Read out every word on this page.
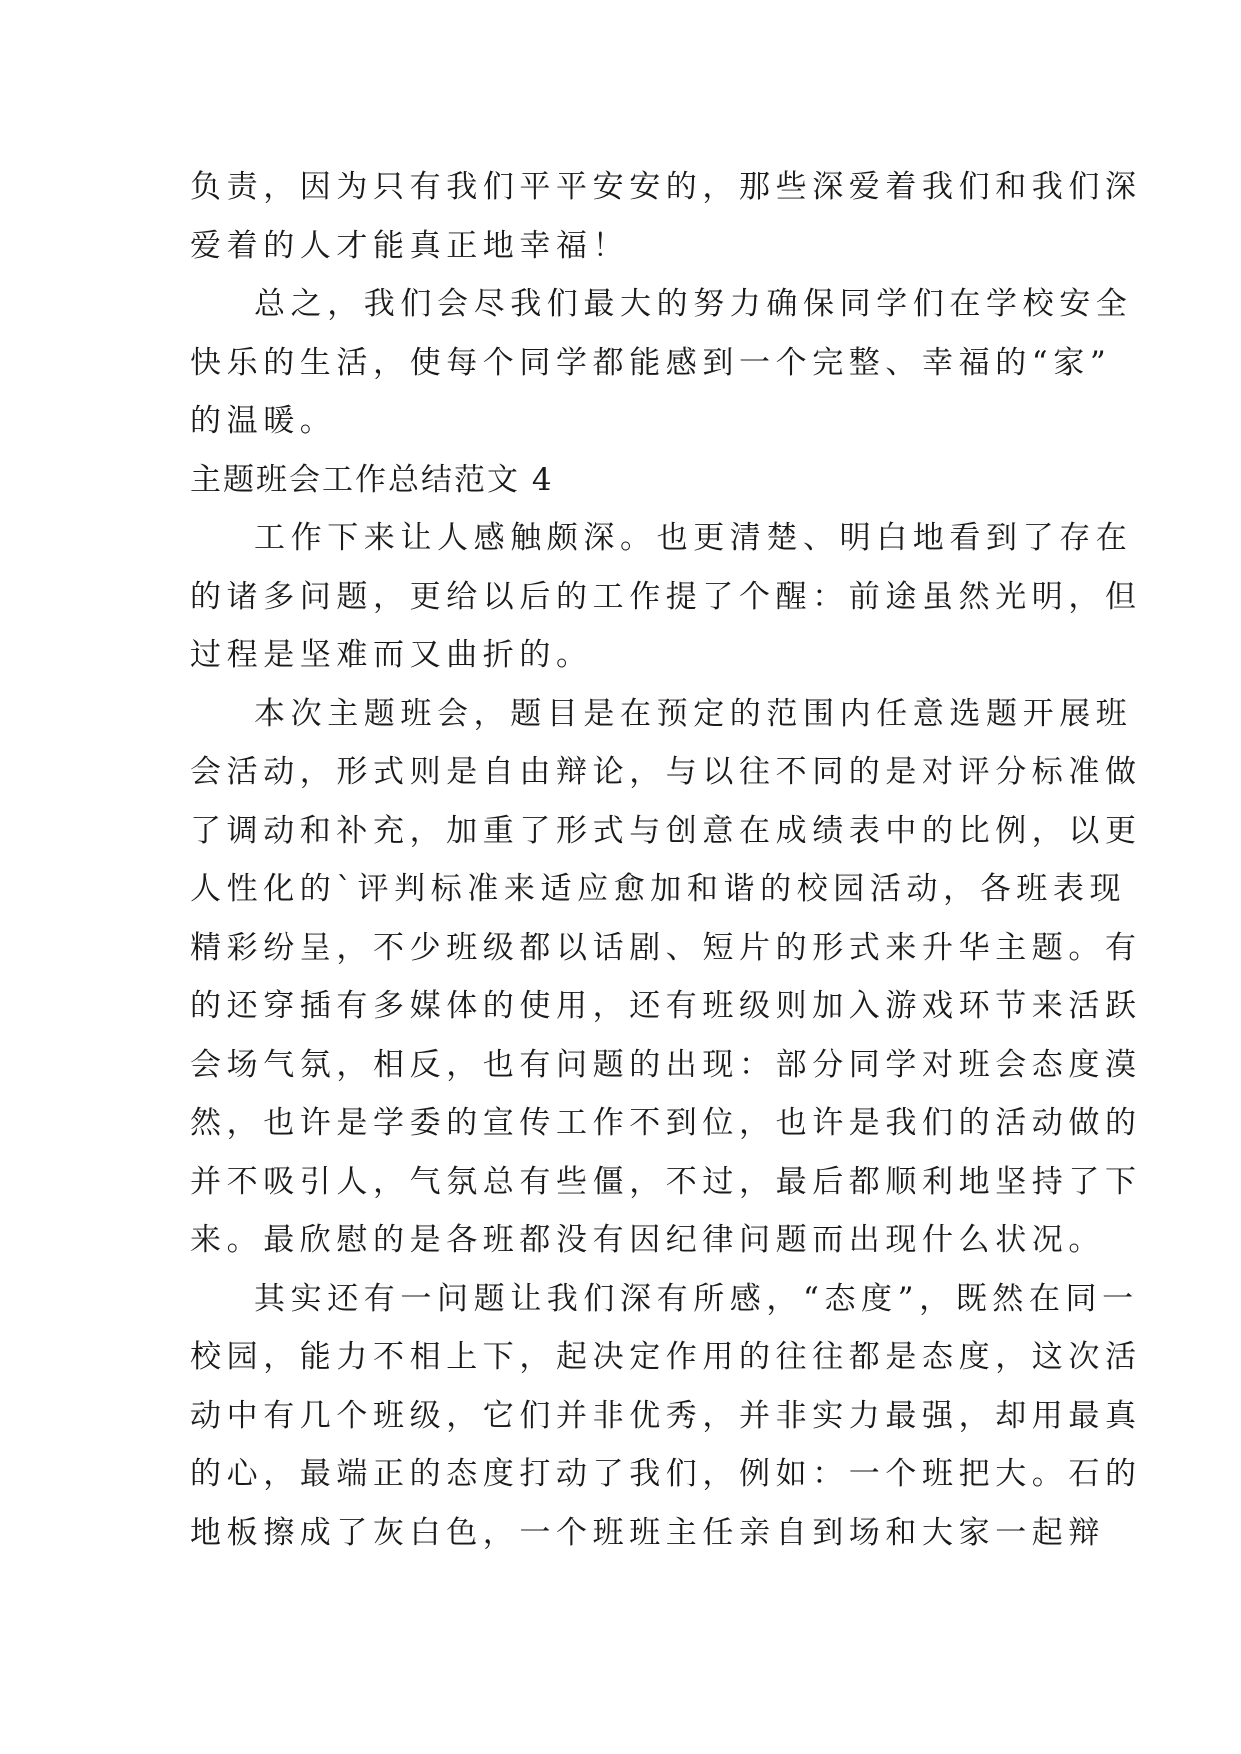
负责，因为只有我们平平安安的，那些深爱着我们和我们深
爱着的人才能真正地幸福！
总之，我们会尽我们最大的努力确保同学们在学校安全
快乐的生活，使每个同学都能感到一个完整、幸福的“家”
的温暖。
主题班会工作总结范文 4
工作下来让人感触颇深。也更清楚、明白地看到了存在
的诸多问题，更给以后的工作提了个醒：前途虽然光明，但
过程是坚难而又曲折的。
本次主题班会，题目是在预定的范围内任意选题开展班
会活动，形式则是自由辩论，与以往不同的是对评分标准做
了调动和补充，加重了形式与创意在成绩表中的比例，以更
人性化的`评判标准来适应愈加和谐的校园活动，各班表现
精彩纷呈，不少班级都以话剧、短片的形式来升华主题。有
的还穿插有多媒体的使用，还有班级则加入游戏环节来活跃
会场气氛，相反，也有问题的出现：部分同学对班会态度漠
然，也许是学委的宣传工作不到位，也许是我们的活动做的
并不吸引人，气氛总有些僵，不过，最后都顺利地坚持了下
来。最欣慰的是各班都没有因纪律问题而出现什么状况。
其实还有一问题让我们深有所感，“态度”，既然在同一
校园，能力不相上下，起决定作用的往往都是态度，这次活
动中有几个班级，它们并非优秀，并非实力最强，却用最真
的心，最端正的态度打动了我们，例如：一个班把大。石的
地板擦成了灰白色，一个班班主任亲自到场和大家一起辩
